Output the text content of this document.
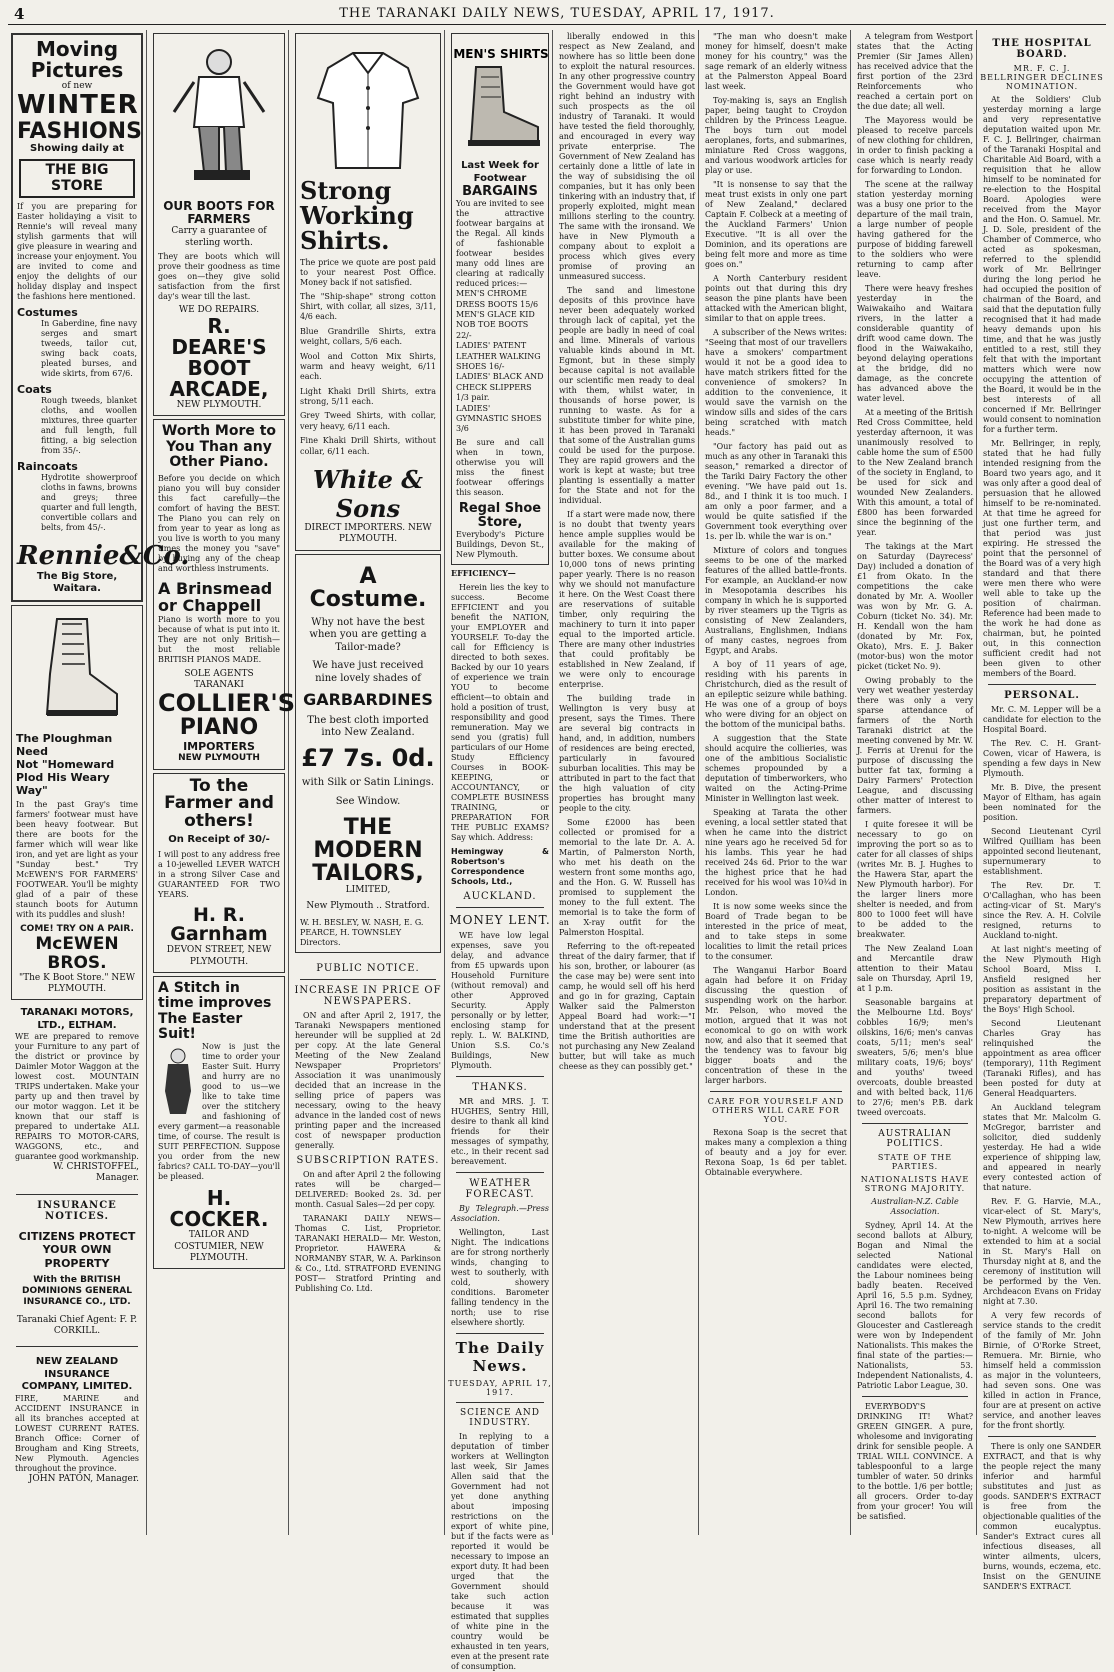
4	THE TARANAKI DAILY NEWS, TUESDAY, APRIL 17, 1917.
Moving Pictures
of new
WINTER
FASHIONS
Showing daily at
THE BIG STORE
If you are preparing for Easter holidaying a visit to Rennie's will reveal many stylish garments that will give pleasure in wearing and increase your enjoyment. You are invited to come and enjoy the delights of our holiday display and inspect the fashions here mentioned.
Costumes
In Gaberdine, fine navy serges and smart tweeds, tailor cut, swing back coats, pleated burses, and wide skirts, from 67/6.
Coats
Rough tweeds, blanket cloths, and woollen mixtures, three quarter and full length, full fitting, a big selection from 35/-.
Raincoats
Hydrotite showerproof cloths in fawns, browns and greys; three quarter and full length, convertible collars and belts, from 45/-.
Rennie&Co.
The Big Store, Waitara.
The Ploughman Need
Not "Homeward
Plod His Weary Way"
In the past Gray's time farmers' footwear must have been heavy footwear. But there are boots for the farmer which will wear like iron, and yet are light as your "Sunday best." Try McEWEN'S FOR FARMERS' FOOTWEAR. You'll be mighty glad of a pair of these staunch boots for Autumn with its puddles and slush!
COME! TRY ON A PAIR.
McEWEN BROS.
"The K Boot Store." NEW PLYMOUTH.
TARANAKI MOTORS, LTD., ELTHAM.
WE are prepared to remove your Furniture to any part of the district or province by Daimler Motor Waggon at the lowest cost. MOUNTAIN TRIPS undertaken. Make your party up and then travel by our motor waggon. Let it be known that our staff is prepared to undertake ALL REPAIRS TO MOTOR-CARS, WAGGONS, etc., and guarantee good workmanship.
W. CHRISTOFFEL, Manager.
INSURANCE NOTICES.
CITIZENS PROTECT YOUR OWN PROPERTY
With the BRITISH DOMINIONS GENERAL INSURANCE CO., LTD.
Taranaki Chief Agent: F. P. CORKILL.
NEW ZEALAND INSURANCE COMPANY, LIMITED.
FIRE, MARINE and ACCIDENT INSURANCE in all its branches accepted at LOWEST CURRENT RATES. Branch Office: Corner of Brougham and King Streets, New Plymouth. Agencies throughout the province.
JOHN PATON, Manager.
OUR BOOTS FOR FARMERS
Carry a guarantee of sterling worth.
They are boots which will prove their goodness as time goes on—they give solid satisfaction from the first day's wear till the last.
WE DO REPAIRS.
R. DEARE'S
BOOT
ARCADE,
NEW PLYMOUTH.
Worth More to You Than any Other Piano.
Before you decide on which piano you will buy consider this fact carefully—the comfort of having the BEST. The Piano you can rely on from year to year as long as you live is worth to you many times the money you "save" by buying any of the cheap and worthless instruments.
A Brinsmead or Chappell
Piano is worth more to you because of what is put into it. They are not only British—but the most reliable BRITISH PIANOS MADE.
SOLE AGENTS TARANAKI
COLLIER'S
PIANO
IMPORTERS
NEW PLYMOUTH
To the Farmer and others!
On Receipt of 30/-
I will post to any address free a 10-jewelled LEVER WATCH in a strong Silver Case and GUARANTEED FOR TWO YEARS.
H. R. Garnham
DEVON STREET, NEW PLYMOUTH.
A Stitch in time improves The Easter Suit!
Now is just the time to order your Easter Suit. Hurry and hurry are no good to us—we like to take time over the stitchery and fashioning of every garment—a reasonable time, of course. The result is SUIT PERFECTION. Suppose you order from the new fabrics? CALL TO-DAY—you'll be pleased.
H. COCKER.
TAILOR AND COSTUMIER, NEW PLYMOUTH.
Strong
Working
Shirts.
The price we quote are post paid to your nearest Post Office. Money back if not satisfied.
The "Ship-shape" strong cotton Shirt, with collar, all sizes, 3/11, 4/6 each.
Blue Grandrille Shirts, extra weight, collars, 5/6 each.
Wool and Cotton Mix Shirts, warm and heavy weight, 6/11 each.
Light Khaki Drill Shirts, extra strong, 5/11 each.
Grey Tweed Shirts, with collar, very heavy, 6/11 each.
Fine Khaki Drill Shirts, without collar, 6/11 each.
White & Sons
DIRECT IMPORTERS. NEW PLYMOUTH.
A Costume.
Why not have the best when you are getting a Tailor-made?
We have just received nine lovely shades of
GARBARDINES
The best cloth imported into New Zealand.
£7 7s. 0d.
with Silk or Satin Linings.
See Window.
THE MODERN TAILORS,
LIMITED,
New Plymouth .. Stratford.
W. H. BESLEY, W. NASH, E. G. PEARCE, H. TOWNSLEY Directors.
PUBLIC NOTICE.
INCREASE IN PRICE OF NEWSPAPERS.
ON and after April 2, 1917, the Taranaki Newspapers mentioned hereunder will be supplied at 2d per copy. At the late General Meeting of the New Zealand Newspaper Proprietors' Association it was unanimously decided that an increase in the selling price of papers was necessary, owing to the heavy advance in the landed cost of news printing paper and the increased cost of newspaper production generally.
SUBSCRIPTION RATES.
On and after April 2 the following rates will be charged— DELIVERED: Booked 2s. 3d. per month. Casual Sales—2d per copy.
TARANAKI DAILY NEWS— Thomas C. List, Proprietor. TARANAKI HERALD— Mr. Weston, Proprietor. HAWERA & NORMANBY STAR, W. A. Parkinson & Co., Ltd. STRATFORD EVENING POST— Stratford Printing and Publishing Co. Ltd.
MEN'S SHIRTS
Last Week for Footwear
BARGAINS
You are invited to see the attractive footwear bargains at the Regal. All kinds of fashionable footwear besides many odd lines are clearing at radically reduced prices:—
MEN'S CHROME DRESS BOOTS 15/6
MEN'S GLACE KID NOB TOE BOOTS 22/-
LADIES' PATENT LEATHER WALKING SHOES 16/-
LADIES' BLACK AND CHECK SLIPPERS 1/3 pair.
LADIES' GYMNASTIC SHOES 3/6
Be sure and call when in town, otherwise you will miss the finest footwear offerings this season.
Regal Shoe Store,
Everybody's Picture Buildings, Devon St., New Plymouth.
EFFICIENCY—
Herein lies the key to success. Become EFFICIENT and you benefit the NATION, your EMPLOYER and YOURSELF. To-day the call for Efficiency is directed to both sexes. Backed by our 10 years of experience we train YOU to become efficient—to obtain and hold a position of trust, responsibility and good remuneration. May we send you (gratis) full particulars of our Home Study Efficiency Courses in BOOK-KEEPING, or ACCOUNTANCY, or COMPLETE BUSINESS TRAINING, or PREPARATION FOR THE PUBLIC EXAMS? Say which. Address:
Hemingway & Robertson's Correspondence Schools, Ltd.,
AUCKLAND.
MONEY LENT.
WE have low legal expenses, save you delay, and advance from £5 upwards upon Household Furniture (without removal) and other Approved Security. Apply personally or by letter, enclosing stamp for reply. L. W. BALKIND, Union S.S. Co.'s Buildings, New Plymouth.
THANKS.
MR and MRS. J. T. HUGHES, Sentry Hill, desire to thank all kind friends for their messages of sympathy, etc., in their recent sad bereavement.
WEATHER FORECAST.
By Telegraph.—Press Association.
Wellington, Last Night. The indications are for strong northerly winds, changing to west to southerly, with cold, showery conditions. Barometer falling tendency in the north; use to rise elsewhere shortly.
The Daily News.
TUESDAY, APRIL 17, 1917.
SCIENCE AND INDUSTRY.
In replying to a deputation of timber workers at Wellington last week, Sir James Allen said that the Government had not yet done anything about imposing restrictions on the export of white pine, but if the facts were as reported it would be necessary to impose an export duty. It had been urged that the Government should take such action because it was estimated that supplies of white pine in the country would be exhausted in ten years, even at the present rate of consumption.
liberally endowed in this respect as New Zealand, and nowhere has so little been done to exploit the natural resources. In any other progressive country the Government would have got right behind an industry with such prospects as the oil industry of Taranaki. It would have tested the field thoroughly, and encouraged in every way private enterprise. The Government of New Zealand has certainly done a little of late in the way of subsidising the oil companies, but it has only been tinkering with an industry that, if properly exploited, might mean millions sterling to the country. The same with the ironsand. We have in New Plymouth a company about to exploit a process which gives every promise of proving an unmeasured success.
The sand and limestone deposits of this province have never been adequately worked through lack of capital, yet the people are badly in need of coal and lime. Minerals of various valuable kinds abound in Mt. Egmont, but in these simply because capital is not available our scientific men ready to deal with them, whilst water, in thousands of horse power, is running to waste. As for a substitute timber for white pine, it has been proved in Taranaki that some of the Australian gums could be used for the purpose. They are rapid growers and the work is kept at waste; but tree planting is essentially a matter for the State and not for the individual.
If a start were made now, there is no doubt that twenty years hence ample supplies would be available for the making of butter boxes. We consume about 10,000 tons of news printing paper yearly. There is no reason why we should not manufacture it here. On the West Coast there are reservations of suitable timber, only requiring the machinery to turn it into paper equal to the imported article. There are many other industries that could profitably be established in New Zealand, if we were only to encourage enterprise.
The building trade in Wellington is very busy at present, says the Times. There are several big contracts in hand, and, in addition, numbers of residences are being erected, particularly in favoured suburban localities. This may be attributed in part to the fact that the high valuation of city properties has brought many people to the city.
Some £2000 has been collected or promised for a memorial to the late Dr. A. A. Martin, of Palmerston North, who met his death on the western front some months ago, and the Hon. G. W. Russell has promised to supplement the money to the full extent. The memorial is to take the form of an X-ray outfit for the Palmerston Hospital.
Referring to the oft-repeated threat of the dairy farmer, that if his son, brother, or labourer (as the case may be) were sent into camp, he would sell off his herd and go in for grazing, Captain Walker said the Palmerston Appeal Board had work:—"I understand that at the present time the British authorities are not purchasing any New Zealand butter, but will take as much cheese as they can possibly get."
"The man who doesn't make money for himself, doesn't make money for his country," was the sage remark of an elderly witness at the Palmerston Appeal Board last week.
Toy-making is, says an English paper, being taught to Croydon children by the Princess League. The boys turn out model aeroplanes, forts, and submarines, miniature Red Cross waggons, and various woodwork articles for play or use.
"It is nonsense to say that the meat trust exists in only one part of New Zealand," declared Captain F. Colbeck at a meeting of the Auckland Farmers' Union Executive. "It is all over the Dominion, and its operations are being felt more and more as time goes on."
A North Canterbury resident points out that during this dry season the pine plants have been attacked with the American blight, similar to that on apple trees.
A subscriber of the News writes: "Seeing that most of our travellers have a smokers' compartment would it not be a good idea to have match strikers fitted for the convenience of smokers? In addition to the convenience, it would save the varnish on the window sills and sides of the cars being scratched with match heads."
"Our factory has paid out as much as any other in Taranaki this season," remarked a director of the Tariki Dairy Factory the other evening. "We have paid out 1s. 8d., and I think it is too much. I am only a poor farmer, and a would be quite satisfied if the Government took everything over 1s. per lb. while the war is on."
Mixture of colors and tongues seems to be one of the marked features of the allied battle-fronts. For example, an Auckland-er now in Mesopotamia describes his company in which he is supported by river steamers up the Tigris as consisting of New Zealanders, Australians, Englishmen, Indians of many castes, negroes from Egypt, and Arabs.
A boy of 11 years of age, residing with his parents in Christchurch, died as the result of an epileptic seizure while bathing. He was one of a group of boys who were diving for an object on the bottom of the municipal baths.
A suggestion that the State should acquire the collieries, was one of the ambitious Socialistic schemes propounded by a deputation of timberworkers, who waited on the Acting-Prime Minister in Wellington last week.
Speaking at Tarata the other evening, a local settler stated that when he came into the district nine years ago he received 5d for his lambs. This year he had received 24s 6d. Prior to the war the highest price that he had received for his wool was 10¾d in London.
It is now some weeks since the Board of Trade began to be interested in the price of meat, and to take steps in some localities to limit the retail prices to the consumer.
The Wanganui Harbor Board again had before it on Friday discussing the question of suspending work on the harbor. Mr. Pelson, who moved the motion, argued that it was not economical to go on with work now, and also that it seemed that the tendency was to favour big bigger boats and the concentration of these in the larger harbors.
CARE FOR YOURSELF AND OTHERS WILL CARE FOR YOU.
Rexona Soap is the secret that makes many a complexion a thing of beauty and a joy for ever. Rexona Soap, 1s 6d per tablet. Obtainable everywhere.
A telegram from Westport states that the Acting Premier (Sir James Allen) has received advice that the first portion of the 23rd Reinforcements who reached a certain port on the due date; all well.
The Mayoress would be pleased to receive parcels of new clothing for children, in order to finish packing a case which is nearly ready for forwarding to London.
The scene at the railway station yesterday morning was a busy one prior to the departure of the mail train, a large number of people having gathered for the purpose of bidding farewell to the soldiers who were returning to camp after leave.
There were heavy freshes yesterday in the Waiwakaiho and Waitara rivers, in the latter a considerable quantity of drift wood came down. The flood in the Waiwakaiho, beyond delaying operations at the bridge, did no damage, as the concrete has advanced above the water level.
At a meeting of the British Red Cross Committee, held yesterday afternoon, it was unanimously resolved to cable home the sum of £500 to the New Zealand branch of the society in England, to be used for sick and wounded New Zealanders. With this amount, a total of £800 has been forwarded since the beginning of the year.
The takings at the Mart on Saturday (Dayrecess' Day) included a donation of £1 from Okato. In the competitions the cake donated by Mr. A. Wooller was won by Mr. G. A. Coburn (ticket No. 34). Mr. H. Kendall won the ham (donated by Mr. Fox, Okato), Mrs. E. J. Baker (motor-bus) won the motor picket (ticket No. 9).
Owing probably to the very wet weather yesterday there was only a very sparse attendance of farmers of the North Taranaki district at the meeting convened by Mr. W. J. Ferris at Urenui for the purpose of discussing the butter fat tax, forming a Dairy Farmers' Protection League, and discussing other matter of interest to farmers.
I quite foresee it will be necessary to go on improving the port so as to cater for all classes of ships (writes Mr. B. J. Hughes to the Hawera Star, apart the New Plymouth harbor). For the larger liners more shelter is needed, and from 800 to 1000 feet will have to be added to the breakwater.
The New Zealand Loan and Mercantile draw attention to their Matau sale on Thursday, April 19, at 1 p.m.
Seasonable bargains at the Melbourne Ltd. Boys' cobbles 16/9; men's oilskins, 16/6; men's canvas coats, 5/11; men's seal' sweaters, 5/6; men's blue military coats, 19/6; boys' and youths' tweed overcoats, double breasted and with belted back, 11/6 to 27/6; men's P.B. dark tweed overcoats.
AUSTRALIAN POLITICS.
STATE OF THE PARTIES.
NATIONALISTS HAVE STRONG MAJORITY.
Australian-N.Z. Cable Association.
Sydney, April 14. At the second ballots at Albury, Bogan and Nimal the selected National candidates were elected, the Labour nominees being badly beaten. Received April 16, 5.5 p.m. Sydney, April 16. The two remaining second ballots for Gloucester and Castlereagh were won by Independent Nationalists. This makes the final state of the parties:— Nationalists, 53. Independent Nationalists, 4. Patriotic Labor League, 30.
EVERYBODY'S DRINKING IT! What? GREEN GINGER. A pure, wholesome and invigorating drink for sensible people. A TRIAL WILL CONVINCE. A tablespoonful to a large tumbler of water. 50 drinks to the bottle. 1/6 per bottle; all grocers. Order to-day from your grocer! You will be satisfied.
THE HOSPITAL BOARD.
MR. F. C. J. BELLRINGER DECLINES NOMINATION.
At the Soldiers' Club yesterday morning a large and very representative deputation waited upon Mr. F. C. J. Bellringer, chairman of the Taranaki Hospital and Charitable Aid Board, with a requisition that he allow himself to be nominated for re-election to the Hospital Board. Apologies were received from the Mayor and the Hon. O. Samuel. Mr. J. D. Sole, president of the Chamber of Commerce, who acted as spokesman, referred to the splendid work of Mr. Bellringer during the long period he had occupied the position of chairman of the Board, and said that the deputation fully recognised that it had made heavy demands upon his time, and that he was justly entitled to a rest, still they felt that with the important matters which were now occupying the attention of the Board, it would be in the best interests of all concerned if Mr. Bellringer would consent to nomination for a further term.
Mr. Bellringer, in reply, stated that he had fully intended resigning from the Board two years ago, and it was only after a good deal of persuasion that he allowed himself to be re-nominated. At that time he agreed for just one further term, and that period was just expiring. He stressed the point that the personnel of the Board was of a very high standard and that there were men there who were well able to take up the position of chairman. Reference had been made to the work he had done as chairman, but, he pointed out, in this connection sufficient credit had not been given to other members of the Board.
PERSONAL.
Mr. C. M. Lepper will be a candidate for election to the Hospital Board.
The Rev. C. H. Grant-Cowen, vicar of Hawera, is spending a few days in New Plymouth.
Mr. B. Dive, the present Mayor of Eltham, has again been nominated for the position.
Second Lieutenant Cyril Wilfred Quilliam has been appointed second lieutenant, supernumerary to establishment.
The Rev. Dr. T. O'Callaghan, who has been acting-vicar of St. Mary's since the Rev. A. H. Colvile resigned, returns to Auckland to-night.
At last night's meeting of the New Plymouth High School Board, Miss I. Ansfield resigned her position as assistant in the preparatory department of the Boys' High School.
Second Lieutenant Charles Gray has relinquished the appointment as area officer (temporary), 11th Regiment (Taranaki Rifles), and has been posted for duty at General Headquarters.
An Auckland telegram states that Mr. Malcolm G. McGregor, barrister and solicitor, died suddenly yesterday. He had a wide experience of shipping law, and appeared in nearly every contested action of that nature.
Rev. F. G. Harvie, M.A., vicar-elect of St. Mary's, New Plymouth, arrives here to-night. A welcome will be extended to him at a social in St. Mary's Hall on Thursday night at 8, and the ceremony of institution will be performed by the Ven. Archdeacon Evans on Friday night at 7.30.
A very few records of service stands to the credit of the family of Mr. John Birnie, of O'Rorke Street, Remuera. Mr. Birnie, who himself held a commission as major in the volunteers, had seven sons. One was killed in action in France, four are at present on active service, and another leaves for the front shortly.
There is only one SANDER EXTRACT, and that is why the people reject the many inferior and harmful substitutes and just as goods. SANDER'S EXTRACT is free from the objectionable qualities of the common eucalyptus. Sander's Extract cures all infectious diseases, all winter ailments, ulcers, burns, wounds, eczema, etc. Insist on the GENUINE SANDER'S EXTRACT.
